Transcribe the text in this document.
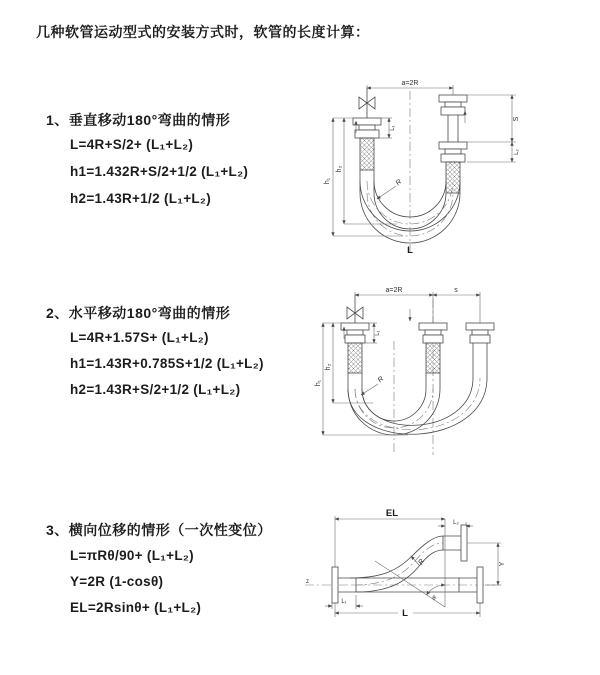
几种软管运动型式的安装方式时，软管的长度计算：
1、垂直移动180°弯曲的情形
L=4R+S/2+ (L₁+L₂)
h1=1.432R+S/2+1/2 (L₁+L₂)
h2=1.43R+1/2 (L₁+L₂)
2、水平移动180°弯曲的情形
L=4R+1.57S+ (L₁+L₂)
h1=1.43R+0.785S+1/2 (L₁+L₂)
h2=1.43R+S/2+1/2 (L₁+L₂)
3、横向位移的情形（一次性变位）
L=πRθ/90+ (L₁+L₂)
Y=2R (1-cosθ)
EL=2Rsinθ+ (L₁+L₂)
a=2R
h₁
h₂
S
L₂
L₁
R
L
a=2R	s
h₁
h₂
L₁
R
z
θ
R
EL
L₂
Y
L₁
L
